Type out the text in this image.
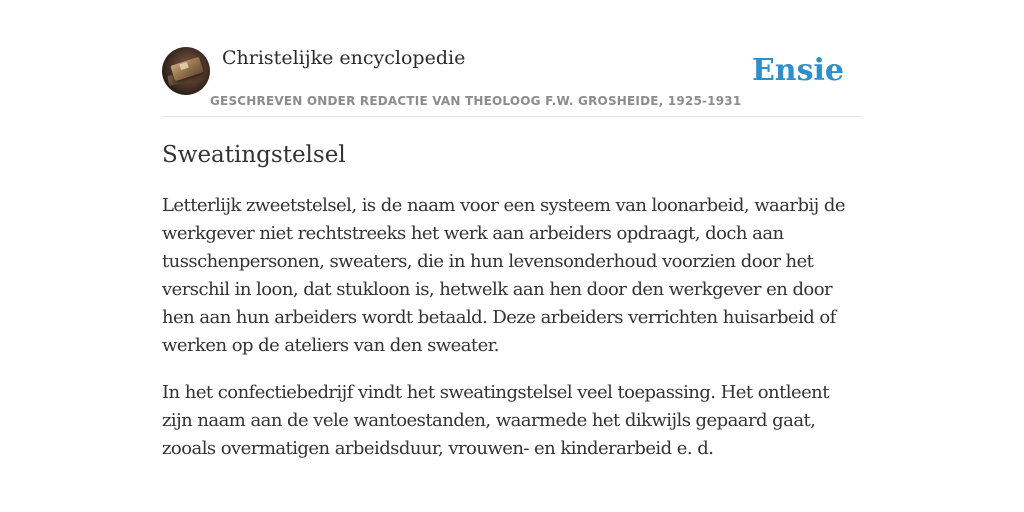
Christelijke encyclopedie
GESCHREVEN ONDER REDACTIE VAN THEOLOOG F.W. GROSHEIDE, 1925-1931
Ensie
Sweatingstelsel

Letterlijk zweetstelsel, is de naam voor een systeem van loonarbeid, waarbij de werkgever niet rechtstreeks het werk aan arbeiders opdraagt, doch aan tusschenpersonen, sweaters, die in hun levensonderhoud voorzien door het verschil in loon, dat stukloon is, hetwelk aan hen door den werkgever en door hen aan hun arbeiders wordt betaald. Deze arbeiders verrichten huisarbeid of werken op de ateliers van den sweater.

In het confectiebedrijf vindt het sweatingstelsel veel toepassing. Het ontleent zijn naam aan de vele wantoestanden, waarmede het dikwijls gepaard gaat, zooals overmatigen arbeidsduur, vrouwen- en kinderarbeid e. d.
